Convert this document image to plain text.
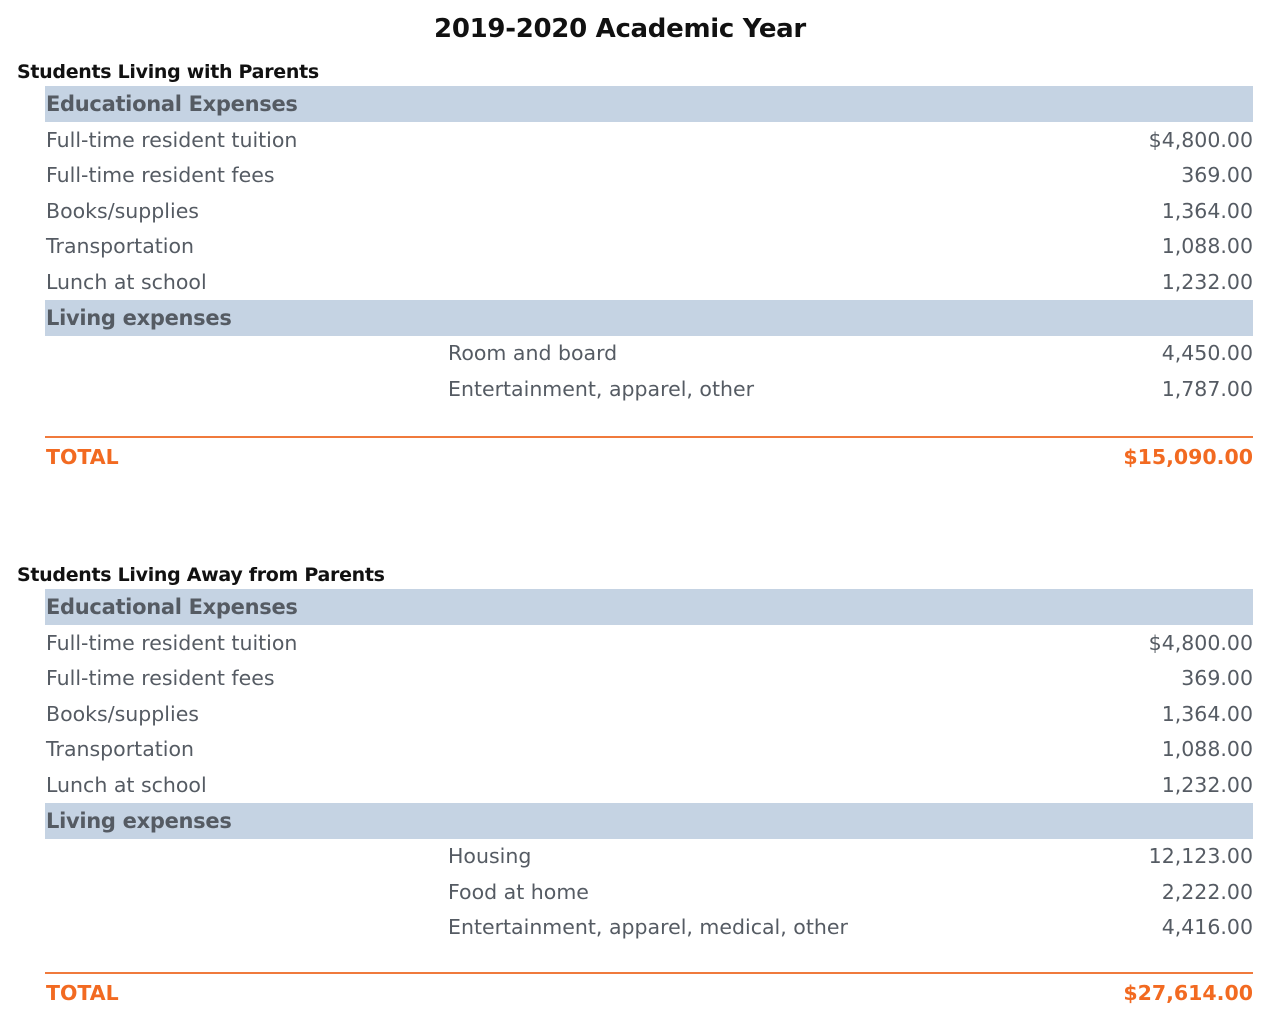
2019-2020 Academic Year
Students Living with Parents
Educational Expenses
Full-time resident tuition	$4,800.00
Full-time resident fees	369.00
Books/supplies	1,364.00
Transportation	1,088.00
Lunch at school	1,232.00
Living expenses
Room and board	4,450.00
Entertainment, apparel, other	1,787.00
TOTAL	$15,090.00
Students Living Away from Parents
Educational Expenses
Full-time resident tuition	$4,800.00
Full-time resident fees	369.00
Books/supplies	1,364.00
Transportation	1,088.00
Lunch at school	1,232.00
Living expenses
Housing	12,123.00
Food at home	2,222.00
Entertainment, apparel, medical, other	4,416.00
TOTAL	$27,614.00
